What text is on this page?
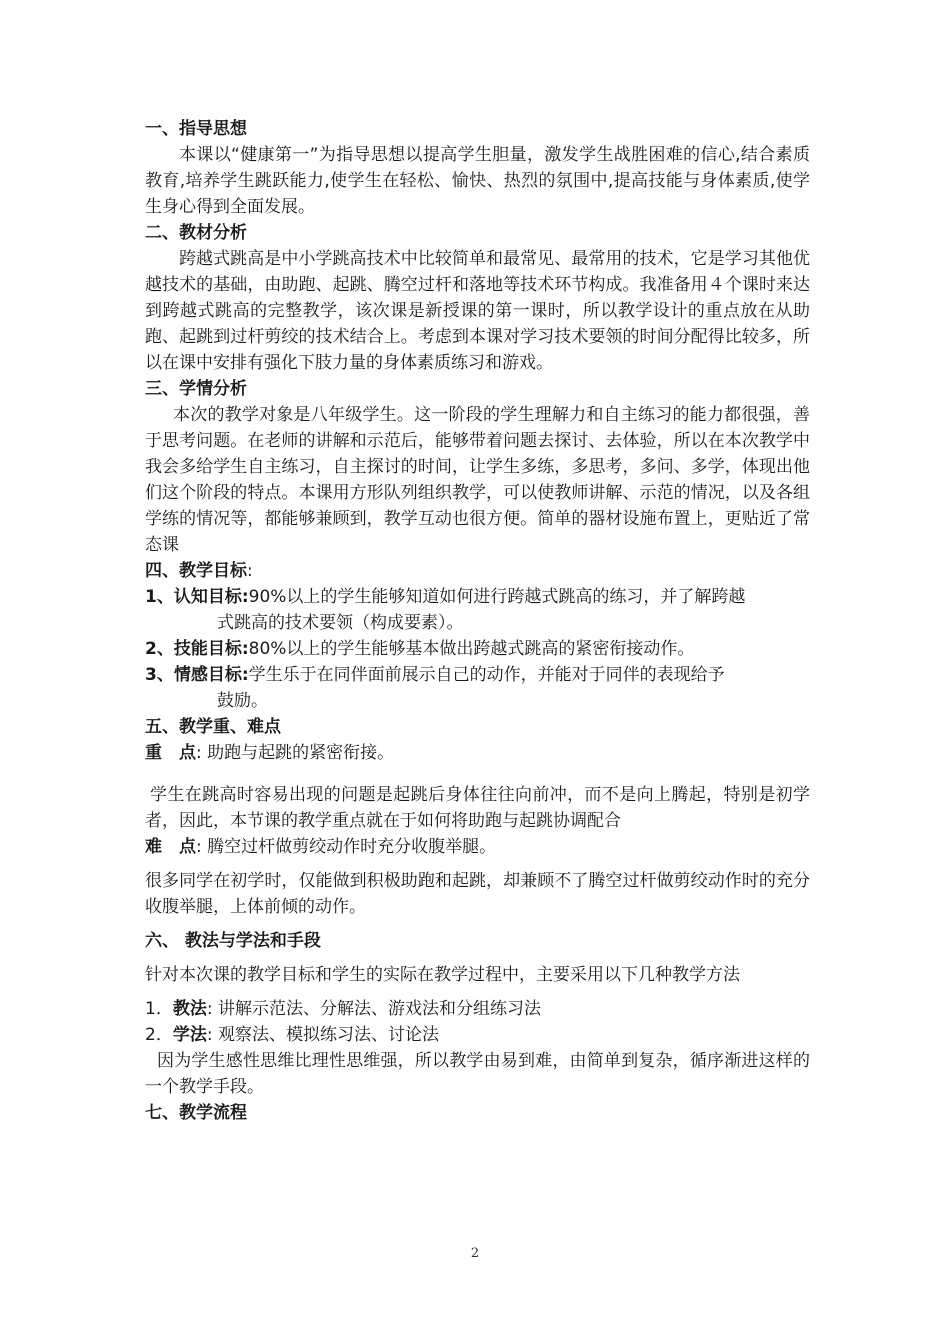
一、指导思想

本课以“健康第一”为指导思想以提高学生胆量，激发学生战胜困难的信心,结合素质教育,培养学生跳跃能力,使学生在轻松、愉快、热烈的氛围中,提高技能与身体素质,使学生身心得到全面发展。

二、教材分析

跨越式跳高是中小学跳高技术中比较简单和最常见、最常用的技术，它是学习其他优越技术的基础，由助跑、起跳、腾空过杆和落地等技术环节构成。我准备用４个课时来达到跨越式跳高的完整教学，该次课是新授课的第一课时，所以教学设计的重点放在从助跑、起跳到过杆剪绞的技术结合上。考虑到本课对学习技术要领的时间分配得比较多，所以在课中安排有强化下肢力量的身体素质练习和游戏。

三、学情分析

本次的教学对象是八年级学生。这一阶段的学生理解力和自主练习的能力都很强，善于思考问题。在老师的讲解和示范后，能够带着问题去探讨、去体验，所以在本次教学中我会多给学生自主练习，自主探讨的时间，让学生多练，多思考，多问、多学，体现出他们这个阶段的特点。本课用方形队列组织教学，可以使教师讲解、示范的情况，以及各组学练的情况等，都能够兼顾到，教学互动也很方便。简单的器材设施布置上，更贴近了常态课

四、教学目标:

1、认知目标:90%以上的学生能够知道如何进行跨越式跳高的练习，并了解跨越

式跳高的技术要领（构成要素）。

2、技能目标:80%以上的学生能够基本做出跨越式跳高的紧密衔接动作。

3、情感目标:学生乐于在同伴面前展示自己的动作，并能对于同伴的表现给予

鼓励。

五、教学重、难点

重　点: 助跑与起跳的紧密衔接。

学生在跳高时容易出现的问题是起跳后身体往往向前冲，而不是向上腾起，特别是初学者，因此，本节课的教学重点就在于如何将助跑与起跳协调配合

难　点: 腾空过杆做剪绞动作时充分收腹举腿。

很多同学在初学时，仅能做到积极助跑和起跳，却兼顾不了腾空过杆做剪绞动作时的充分收腹举腿，上体前倾的动作。

六、 教法与学法和手段

针对本次课的教学目标和学生的实际在教学过程中，主要采用以下几种教学方法

1．教法: 讲解示范法、分解法、游戏法和分组练习法

2．学法: 观察法、模拟练习法、讨论法

因为学生感性思维比理性思维强，所以教学由易到难，由简单到复杂，循序渐进这样的一个教学手段。

七、教学流程

2
